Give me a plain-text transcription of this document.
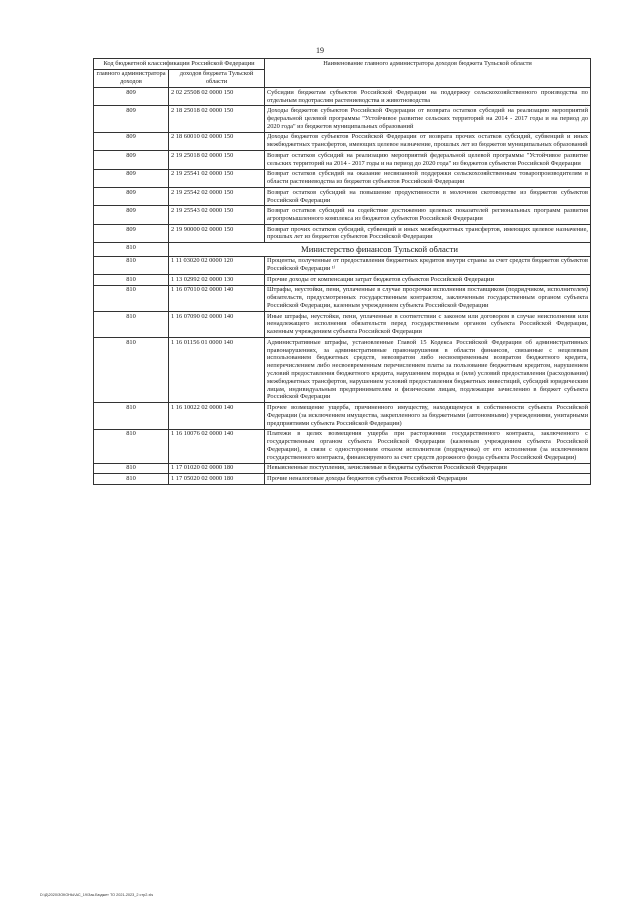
19
Код бюджетной классификации Российской Федерации		Наименование главного администратора доходов бюджета Тульской области
главного администратора доходов	доходов бюджета Тульской области	
809	2 02 25508 02 0000 150	Субсидии бюджетам субъектов Российской Федерации на поддержку сельскохозяйственного производства по отдельным подотраслям растениеводства и животноводства
809	2 18 25018 02 0000 150	Доходы бюджетов субъектов Российской Федерации от возврата остатков субсидий на реализацию мероприятий федеральной целевой программы "Устойчивое развитие сельских территорий на 2014 - 2017 годы и на период до 2020 года" из бюджетов муниципальных образований
809	2 18 60010 02 0000 150	Доходы бюджетов субъектов Российской Федерации от возврата прочих остатков субсидий, субвенций и иных межбюджетных трансфертов, имеющих целевое назначение, прошлых лет из бюджетов муниципальных образований
809	2 19 25018 02 0000 150	Возврат остатков субсидий на реализацию мероприятий федеральной целевой программы "Устойчивое развитие сельских территорий на 2014 - 2017 годы и на период до 2020 года" из бюджетов субъектов Российской Федерации
809	2 19 25541 02 0000 150	Возврат остатков субсидий на оказание несвязанной поддержки сельскохозяйственным товаропроизводителям в области растениеводства из бюджетов субъектов Российской Федерации
809	2 19 25542 02 0000 150	Возврат остатков субсидий на повышение продуктивности в молочном скотоводстве из бюджетов субъектов Российской Федерации
809	2 19 25543 02 0000 150	Возврат остатков субсидий на содействие достижению целевых показателей региональных программ развития агропромышленного комплекса из бюджетов субъектов Российской Федерации
809	2 19 90000 02 0000 150	Возврат прочих остатков субсидий, субвенций и иных межбюджетных трансфертов, имеющих целевое назначение, прошлых лет из бюджетов субъектов Российской Федерации
810	Министерство финансов Тульской области	
810	1 11 03020 02 0000 120	Проценты, полученные от предоставления бюджетных кредитов внутри страны за счет средств бюджетов субъектов Российской Федерации ¹⁾
810	1 13 02992 02 0000 130	Прочие доходы от компенсации затрат бюджетов субъектов Российской Федерации
810	1 16 07010 02 0000 140	Штрафы, неустойки, пени, уплаченные в случае просрочки исполнения поставщиком (подрядчиком, исполнителем) обязательств, предусмотренных государственным контрактом, заключенным государственным органом субъекта Российской Федерации, казенным учреждением субъекта Российской Федерации
810	1 16 07090 02 0000 140	Иные штрафы, неустойки, пени, уплаченные в соответствии с законом или договором в случае неисполнения или ненадлежащего исполнения обязательств перед государственным органом субъекта Российской Федерации, казенным учреждением субъекта Российской Федерации
810	1 16 01156 01 0000 140	Административные штрафы, установленные Главой 15 Кодекса Российской Федерации об административных правонарушениях, за административные правонарушения в области финансов, связанные с нецелевым использованием бюджетных средств, невозвратом либо несвоевременным возвратом бюджетного кредита, неперечислением либо несвоевременным перечислением платы за пользование бюджетным кредитом, нарушением условий предоставления бюджетного кредита, нарушением порядка и (или) условий предоставления (расходования) межбюджетных трансфертов, нарушением условий предоставления бюджетных инвестиций, субсидий юридическим лицам, индивидуальным предпринимателям и физическим лицам, подлежащие зачислению в бюджет субъекта Российской Федерации
810	1 16 10022 02 0000 140	Прочее возмещение ущерба, причиненного имуществу, находящемуся в собственности субъекта Российской Федерации (за исключением имущества, закрепленного за бюджетными (автономными) учреждениями, унитарными предприятиями субъекта Российской Федерации)
810	1 16 10076 02 0000 140	Платежи в целях возмещения ущерба при расторжении государственного контракта, заключенного с государственным органом субъекта Российской Федерации (казенным учреждением субъекта Российской Федерации), в связи с односторонним отказом исполнителя (подрядчика) от его исполнения (за исключением государственного контракта, финансируемого за счет средств дорожного фонда субъекта Российской Федерации)
810	1 17 01020 02 0000 180	Невыясненные поступления, зачисляемые в бюджеты субъектов Российской Федерации
810	1 17 05020 02 0000 180	Прочие неналоговые доходы бюджетов субъектов Российской Федерации
D:\Д\2020\ЗОКОНЫ\АС_19\Зак.Бюджет ТО 2021-2023_2 стр2.xls
